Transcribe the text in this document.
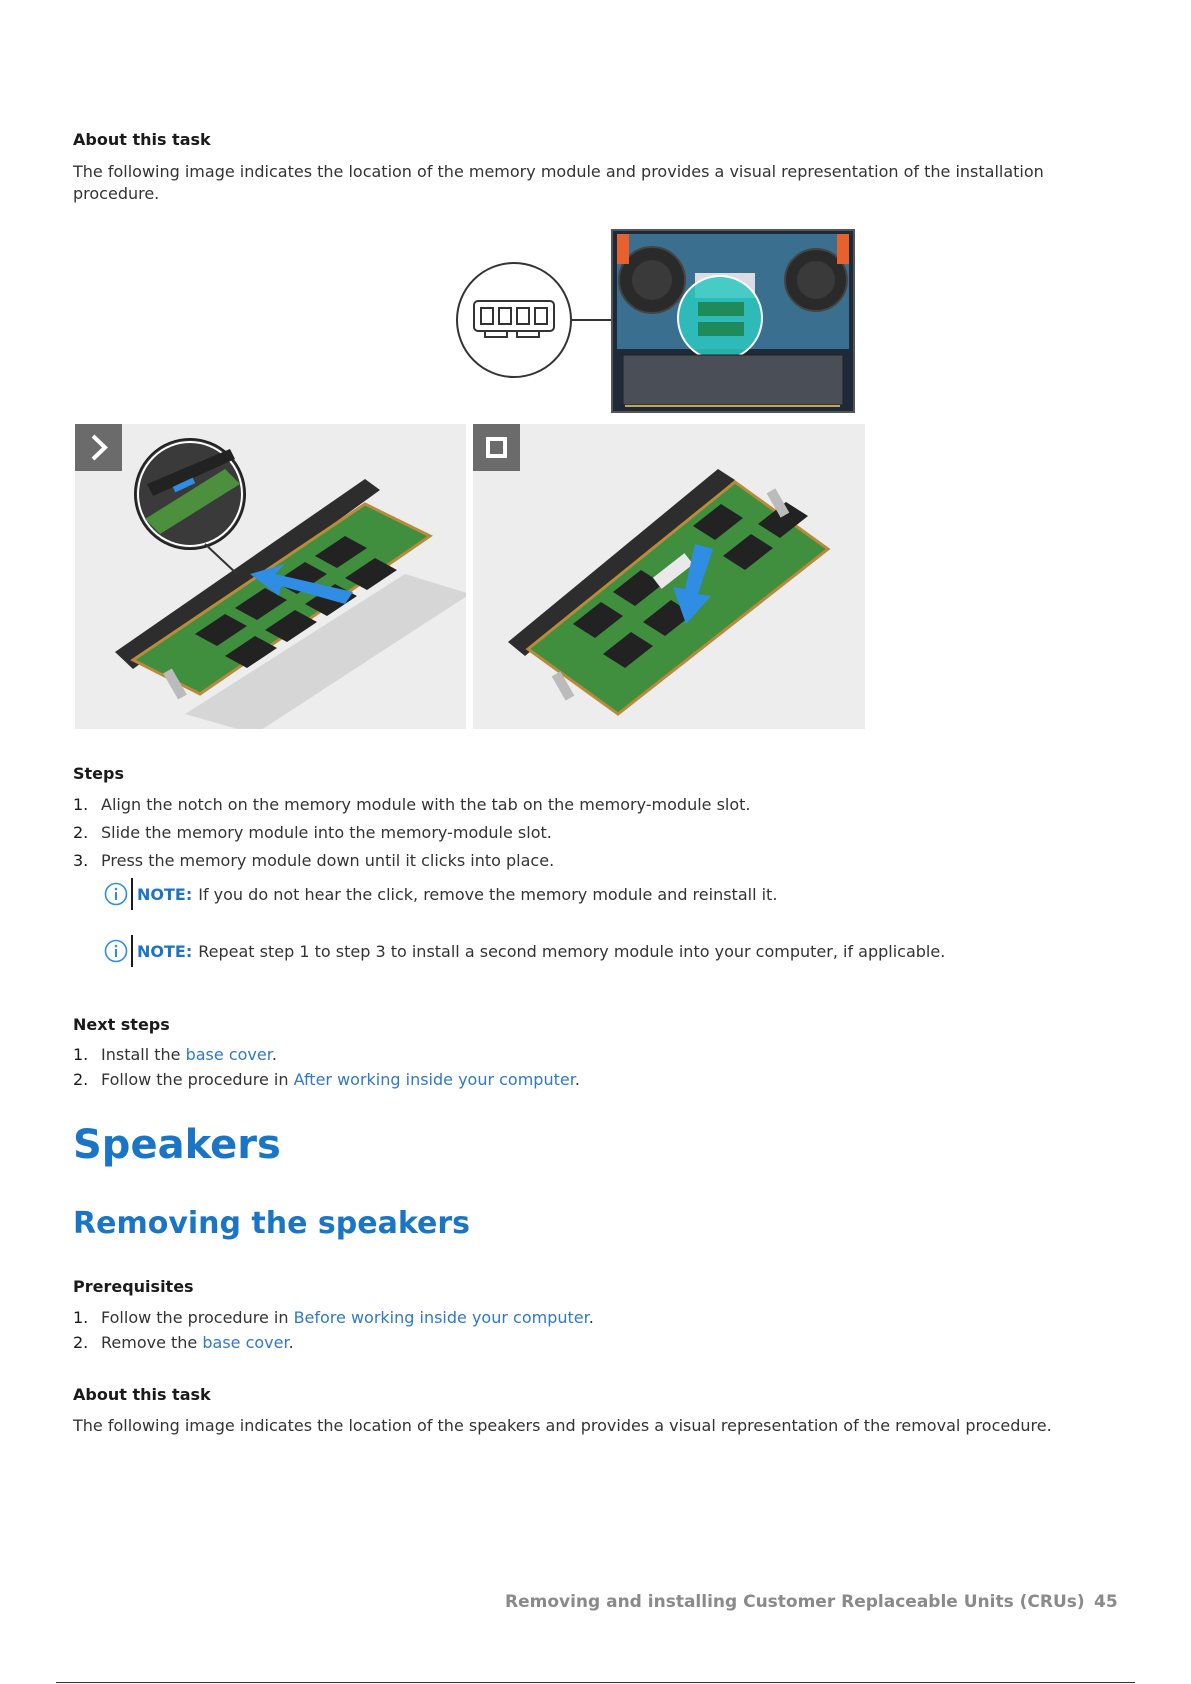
About this task
The following image indicates the location of the memory module and provides a visual representation of the installation procedure.
Steps
1. Align the notch on the memory module with the tab on the memory-module slot.
2. Slide the memory module into the memory-module slot.
3. Press the memory module down until it clicks into place.
NOTE: If you do not hear the click, remove the memory module and reinstall it.
NOTE: Repeat step 1 to step 3 to install a second memory module into your computer, if applicable.
Next steps
1. Install the base cover.
2. Follow the procedure in After working inside your computer.
Speakers
Removing the speakers
Prerequisites
1. Follow the procedure in Before working inside your computer.
2. Remove the base cover.
About this task
The following image indicates the location of the speakers and provides a visual representation of the removal procedure.
Removing and installing Customer Replaceable Units (CRUs) 45
